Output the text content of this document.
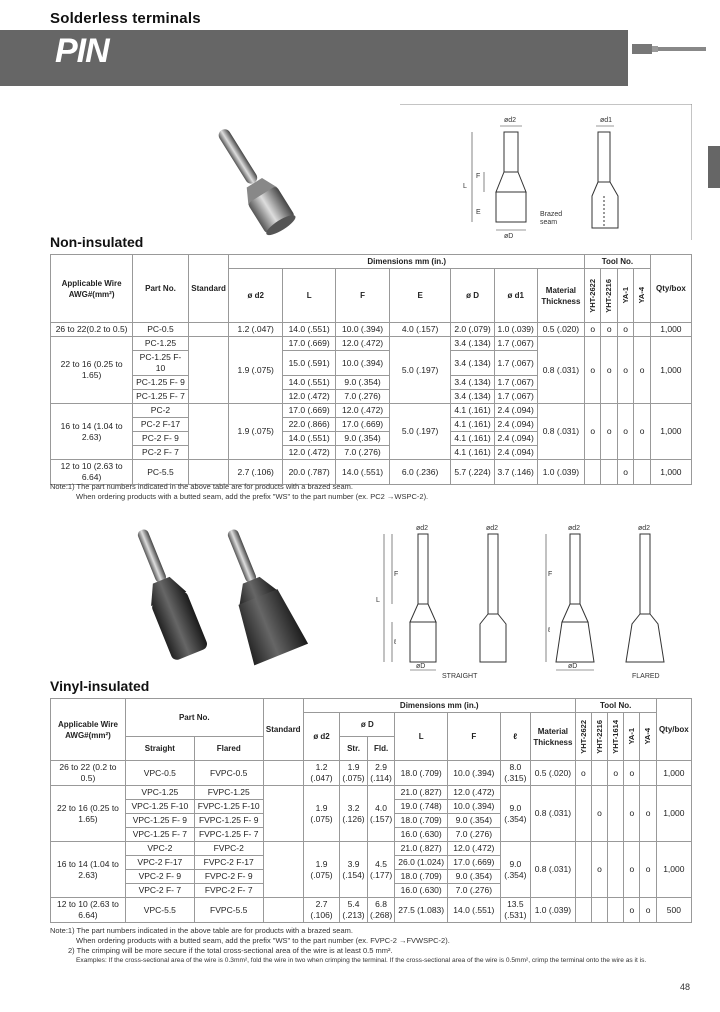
Solderless terminals
PIN
ød2	ød1
F
L
E
øD
Brazed
seam
Non-insulated
Applicable Wire AWG#(mm²)	Part No.	Standard	Dimensions mm (in.)							Tool No.				Qty/box
			ø d2	L	F	E	ø D	ø d1	Material Thickness	YHT-2622	YHT-2216	YA-1	YA-4	

26 to 22(0.2 to 0.5)	PC-0.5		1.2 (.047)	14.0 (.551)	10.0 (.394)	4.0 (.157)	2.0 (.079)	1.0 (.039)	0.5 (.020)	o	o	o		1,000
22 to 16 (0.25 to 1.65)	PC-1.25		1.9 (.075)	17.0 (.669)	12.0 (.472)	5.0 (.197)	3.4 (.134)	1.7 (.067)	0.8 (.031)	o	o	o	o	1,000
	PC-1.25 F-10			15.0 (.591)	10.0 (.394)		3.4 (.134)	1.7 (.067)						
	PC-1.25 F- 9			14.0 (.551)	9.0 (.354)		3.4 (.134)	1.7 (.067)						
	PC-1.25 F- 7			12.0 (.472)	7.0 (.276)		3.4 (.134)	1.7 (.067)						
16 to 14 (1.04 to 2.63)	PC-2		1.9 (.075)	17.0 (.669)	12.0 (.472)	5.0 (.197)	4.1 (.161)	2.4 (.094)	0.8 (.031)	o	o	o	o	1,000
	PC-2 F-17			22.0 (.866)	17.0 (.669)		4.1 (.161)	2.4 (.094)						
	PC-2 F- 9			14.0 (.551)	9.0 (.354)		4.1 (.161)	2.4 (.094)						
	PC-2 F- 7			12.0 (.472)	7.0 (.276)		4.1 (.161)	2.4 (.094)						
12 to 10 (2.63 to 6.64)	PC-5.5		2.7 (.106)	20.0 (.787)	14.0 (.551)	6.0 (.236)	5.7 (.224)	3.7 (.146)	1.0 (.039)			o		1,000
Note:1) The part numbers indicated in the above table are for products with a brazed seam.
When ordering products with a butted seam, add the prefix "WS" to the part number (ex. PC2 →WSPC-2).
ød2	ød2	ød2	ød2
F
L
ℓ
F
ℓ
øD	øD
STRAIGHT	FLARED
Vinyl-insulated
Applicable Wire AWG#(mm²)	Part No.		Standard	Dimensions mm (in.)							Tool No.					Qty/box
				ø d2	ø D		L	F	ℓ	Material Thickness	YHT-2622	YHT-2216	YHT-1614	YA-1	YA-4	

	Straight	Flared			Str.	Fld.										
26 to 22 (0.2 to 0.5)	VPC-0.5	FVPC-0.5		1.2 (.047)	1.9 (.075)	2.9 (.114)	18.0 (.709)	10.0 (.394)	8.0 (.315)	0.5 (.020)	o		o	o		1,000
22 to 16 (0.25 to 1.65)	VPC-1.25	FVPC-1.25		1.9 (.075)	3.2 (.126)	4.0 (.157)	21.0 (.827)	12.0 (.472)	9.0 (.354)	0.8 (.031)		o		o	o	1,000
	VPC-1.25 F-10	FVPC-1.25 F-10					19.0 (.748)	10.0 (.394)								
	VPC-1.25 F- 9	FVPC-1.25 F- 9					18.0 (.709)	9.0 (.354)								
	VPC-1.25 F- 7	FVPC-1.25 F- 7					16.0 (.630)	7.0 (.276)								
16 to 14 (1.04 to 2.63)	VPC-2	FVPC-2		1.9 (.075)	3.9 (.154)	4.5 (.177)	21.0 (.827)	12.0 (.472)	9.0 (.354)	0.8 (.031)		o		o	o	1,000
	VPC-2 F-17	FVPC-2 F-17					26.0 (1.024)	17.0 (.669)								
	VPC-2 F- 9	FVPC-2 F- 9					18.0 (.709)	9.0 (.354)								
	VPC-2 F- 7	FVPC-2 F- 7					16.0 (.630)	7.0 (.276)								
12 to 10 (2.63 to 6.64)	VPC-5.5	FVPC-5.5		2.7 (.106)	5.4 (.213)	6.8 (.268)	27.5 (1.083)	14.0 (.551)	13.5 (.531)	1.0 (.039)				o	o	500
Note:1) The part numbers indicated in the above table are for products with a brazed seam.
When ordering products with a butted seam, add the prefix "WS" to the part number (ex. FVPC-2 →FVWSPC-2).
2) The crimping will be more secure if the total cross-sectional area of the wire is at least 0.5 mm².
Examples: If the cross-sectional area of the wire is 0.3mm², fold the wire in two when crimping the terminal. If the cross-sectional area of the wire is 0.5mm², crimp the terminal onto the wire as it is.
48
